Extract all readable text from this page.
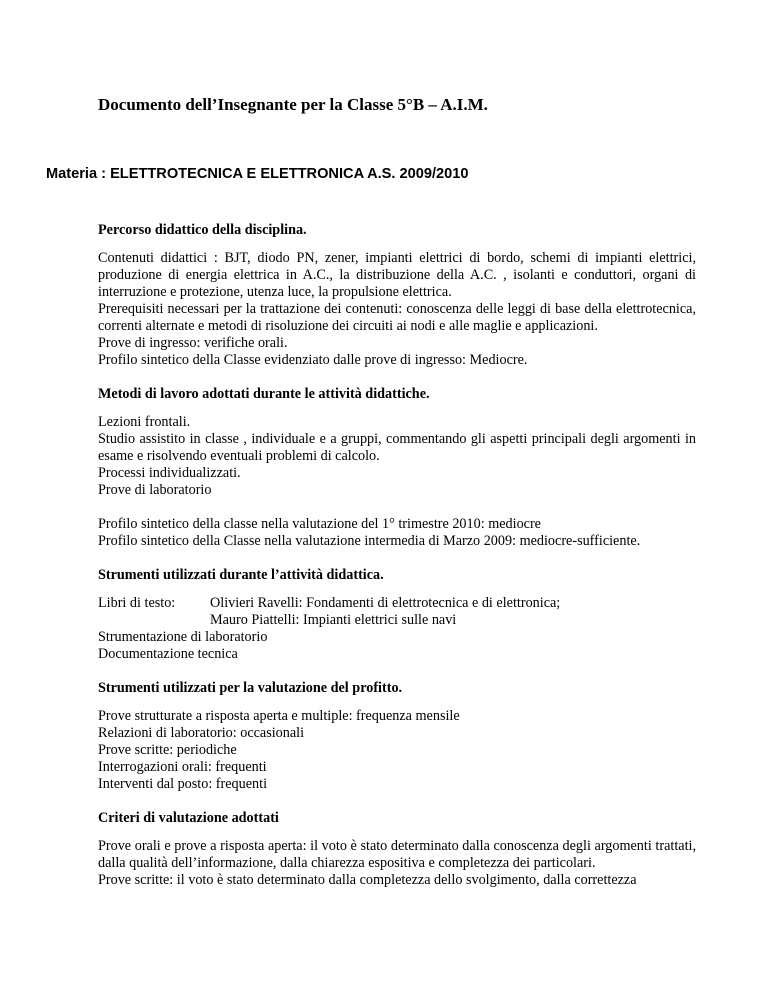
Documento dell’Insegnante per la Classe 5°B – A.I.M.
Materia : ELETTROTECNICA E ELETTRONICA A.S. 2009/2010

Percorso didattico della disciplina.

Contenuti didattici : BJT, diodo PN, zener, impianti elettrici di bordo, schemi di impianti elettrici, produzione di energia elettrica in A.C., la distribuzione della A.C. , isolanti e conduttori, organi di interruzione e protezione, utenza luce, la propulsione elettrica.

Prerequisiti necessari per la trattazione dei contenuti: conoscenza delle leggi di base della elettrotecnica, correnti alternate e metodi di risoluzione dei circuiti ai nodi e alle maglie e applicazioni.

Prove di ingresso: verifiche orali.

Profilo sintetico della Classe evidenziato dalle prove di ingresso: Mediocre.

Metodi di lavoro adottati durante le attività didattiche.

Lezioni frontali.

Studio assistito in classe , individuale e a gruppi, commentando gli aspetti principali degli argomenti in esame e risolvendo eventuali problemi di calcolo.

Processi individualizzati.

Prove di laboratorio

Profilo sintetico della classe nella valutazione del 1° trimestre 2010: mediocre

Profilo sintetico della Classe nella valutazione intermedia di Marzo 2009: mediocre-sufficiente.

Strumenti utilizzati durante l’attività didattica.

Libri di testo:	Olivieri Ravelli: Fondamenti di elettrotecnica e di elettronica;

Mauro Piattelli: Impianti elettrici sulle navi

Strumentazione di laboratorio

Documentazione tecnica

Strumenti utilizzati per la valutazione del profitto.

Prove strutturate a risposta aperta e multiple: frequenza mensile

Relazioni di laboratorio: occasionali

Prove scritte: periodiche

Interrogazioni orali: frequenti

Interventi dal posto: frequenti

Criteri di valutazione adottati

Prove orali e prove a risposta aperta: il voto è stato determinato dalla conoscenza degli argomenti trattati, dalla qualità dell’informazione, dalla chiarezza espositiva e completezza dei particolari.

Prove scritte: il voto è stato determinato dalla completezza dello svolgimento, dalla correttezza
